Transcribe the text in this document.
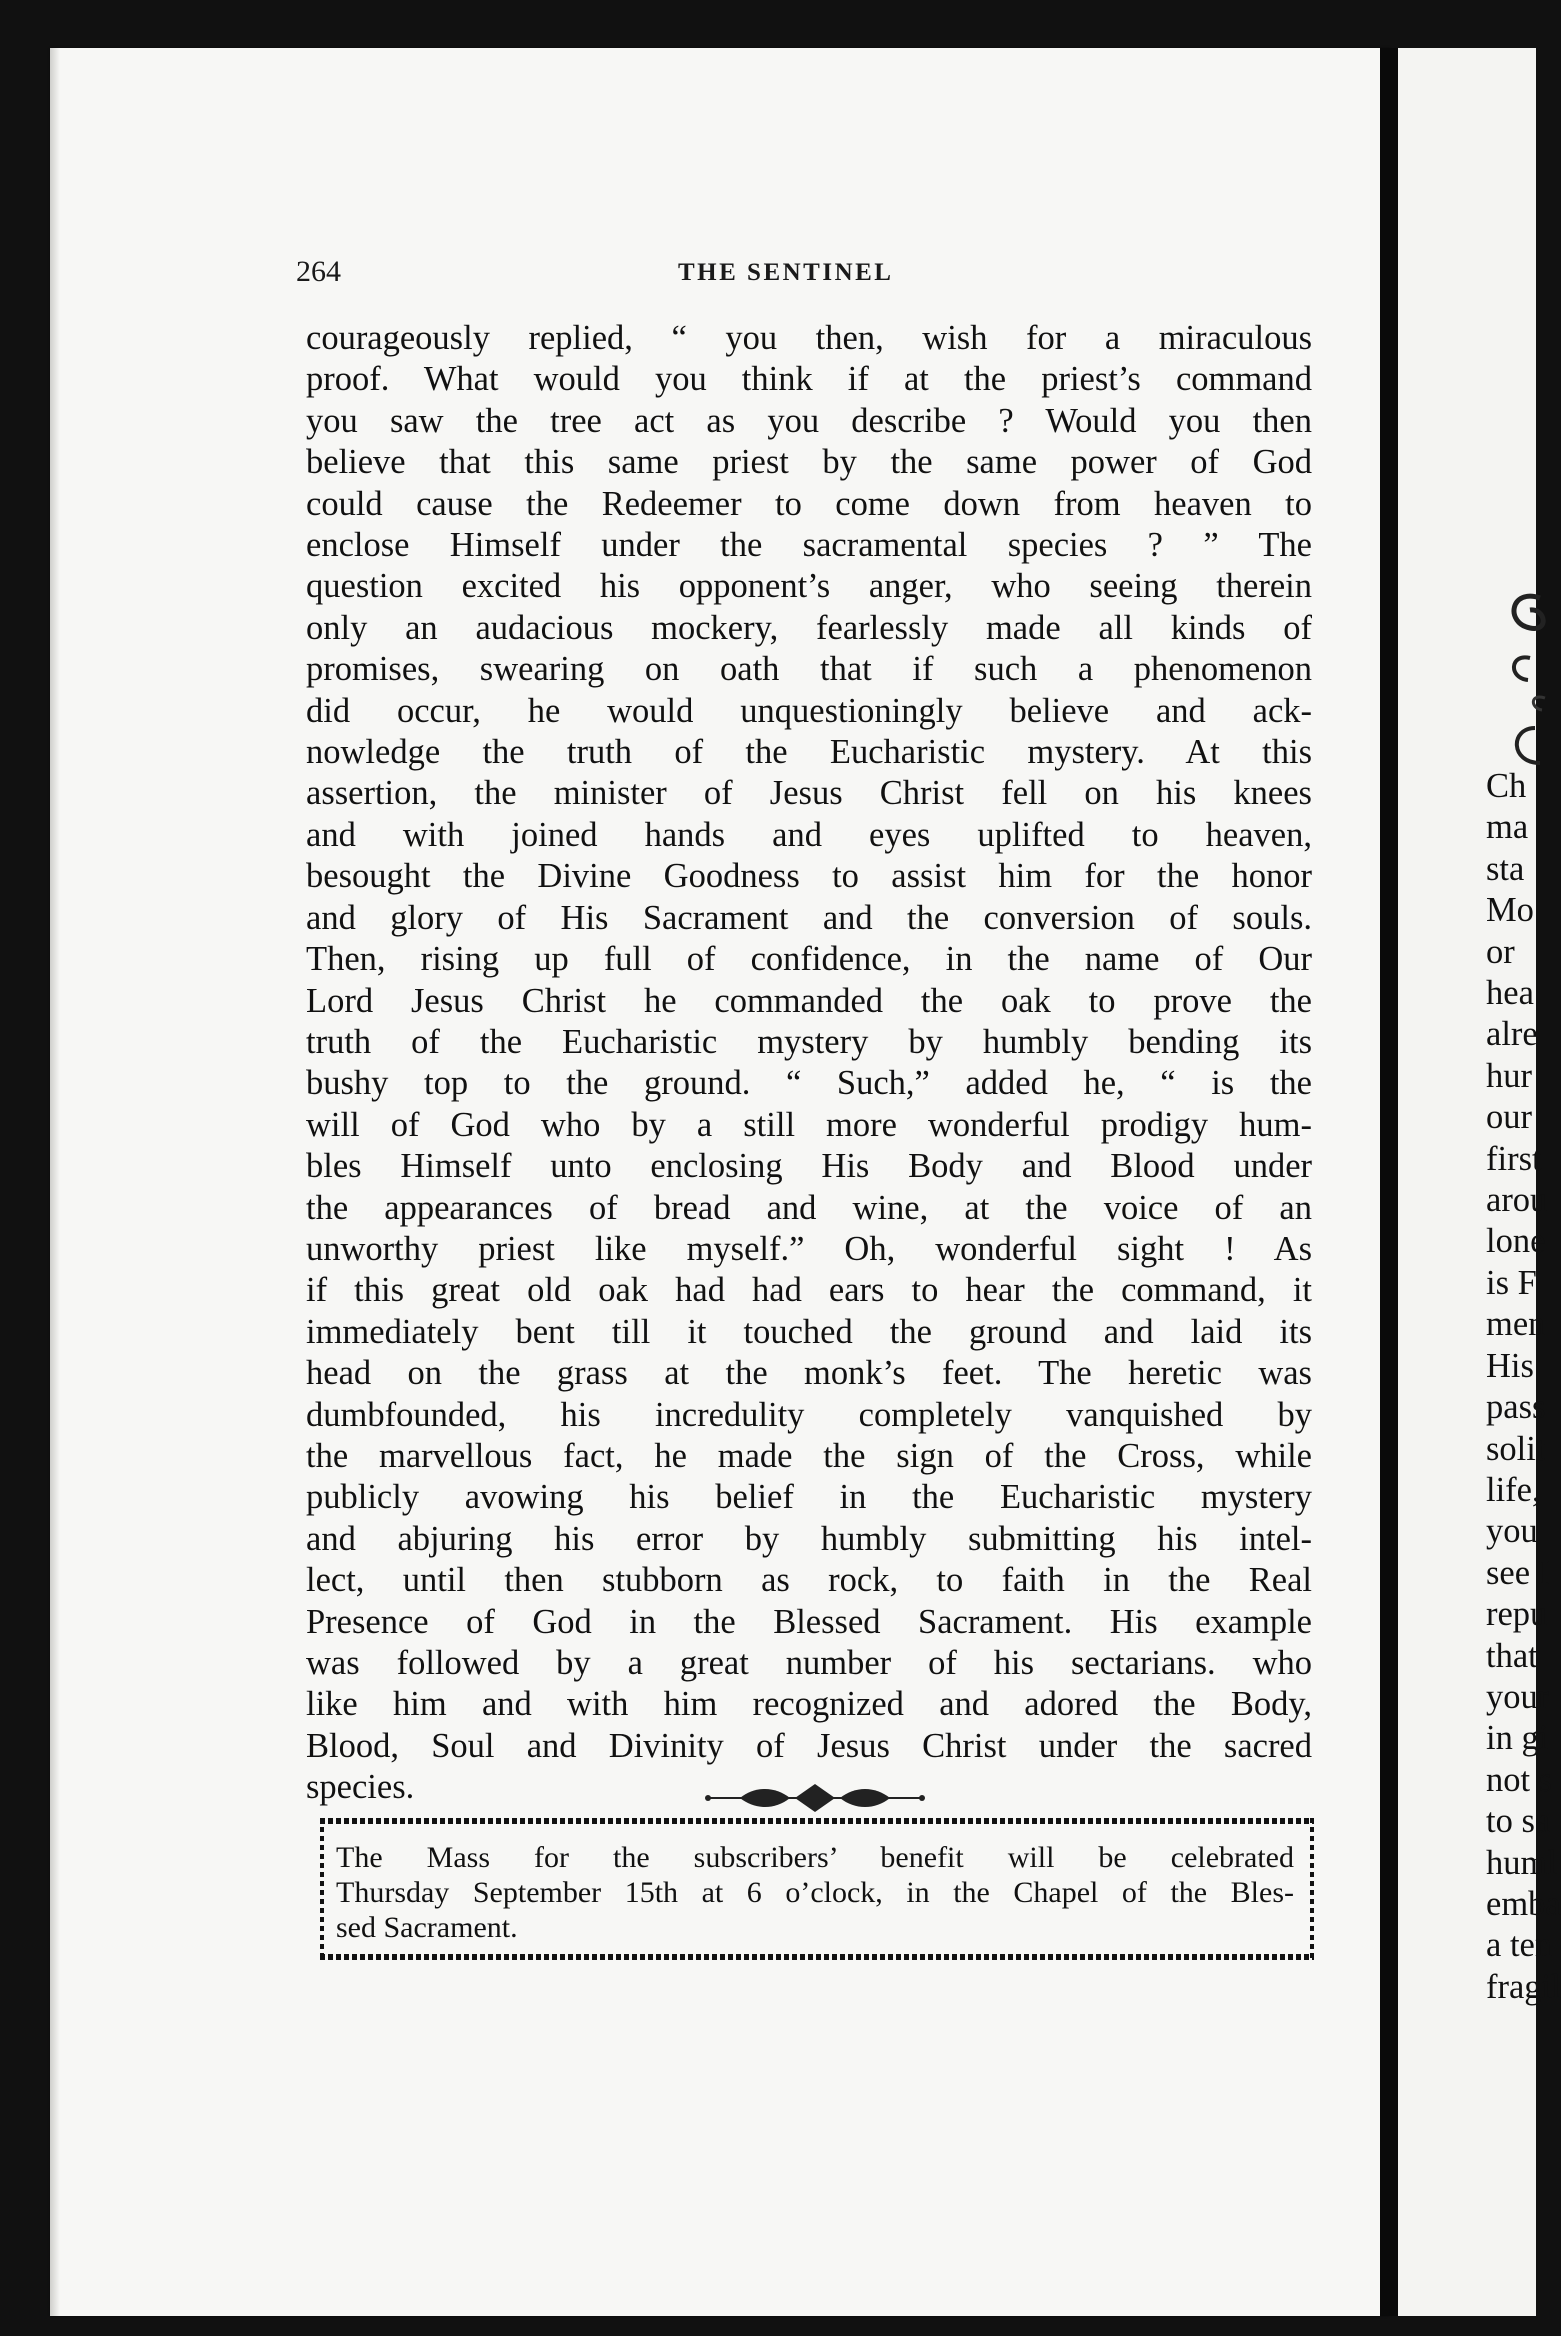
Ch
ma
sta
Mo
or
hea
alre
hur
our
first
arou
lone
is F
men
His
pass
solit
life,
you
see I
repu
that
your
in gi
not s
to sa
huml
emba
a ten
fragil
264	THE SENTINEL
courageously replied, “ you then, wish for a miraculous
proof. What would you think if at the priest’s command
you saw the tree act as you describe ? Would you then
believe that this same priest by the same power of God
could cause the Redeemer to come down from heaven to
enclose Himself under the sacramental species ? ” The
question excited his opponent’s anger, who seeing therein
only an audacious mockery, fearlessly made all kinds of
promises, swearing on oath that if such a phenomenon
did occur, he would unquestioningly believe and ack-
nowledge the truth of the Eucharistic mystery. At this
assertion, the minister of Jesus Christ fell on his knees
and with joined hands and eyes uplifted to heaven,
besought the Divine Goodness to assist him for the honor
and glory of His Sacrament and the conversion of souls.
Then, rising up full of confidence, in the name of Our
Lord Jesus Christ he commanded the oak to prove the
truth of the Eucharistic mystery by humbly bending its
bushy top to the ground. “ Such,” added he, “ is the
will of God who by a still more wonderful prodigy hum-
bles Himself unto enclosing His Body and Blood under
the appearances of bread and wine, at the voice of an
unworthy priest like myself.” Oh, wonderful sight ! As
if this great old oak had had ears to hear the command, it
immediately bent till it touched the ground and laid its
head on the grass at the monk’s feet. The heretic was
dumbfounded, his incredulity completely vanquished by
the marvellous fact, he made the sign of the Cross, while
publicly avowing his belief in the Eucharistic mystery
and abjuring his error by humbly submitting his intel-
lect, until then stubborn as rock, to faith in the Real
Presence of God in the Blessed Sacrament. His example
was followed by a great number of his sectarians. who
like him and with him recognized and adored the Body,
Blood, Soul and Divinity of Jesus Christ under the sacred
species.
The Mass for the subscribers’ benefit will be celebrated
Thursday September 15th at 6 o’clock, in the Chapel of the Bles-
sed Sacrament.
